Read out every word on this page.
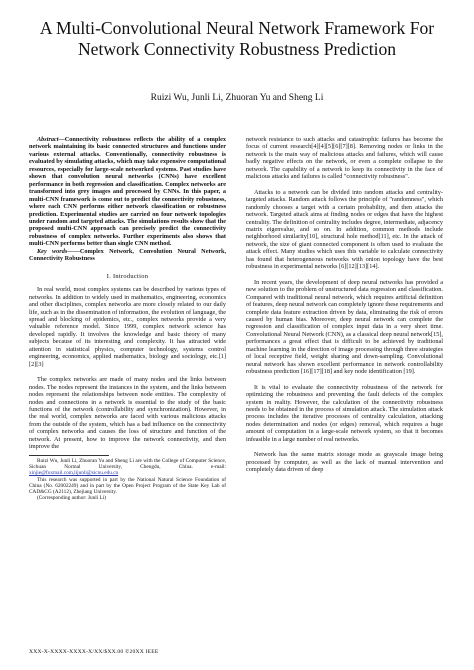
A Multi-Convolutional Neural Network Framework For Network Connectivity Robustness Prediction
Ruizi Wu, Junli Li, Zhuoran Yu and Sheng Li

Abstract—Connectivity robustness reflects the ability of a complex network maintaining its basic connected structures and functions under various external attacks. Conventionally, connectivity robustness is evaluated by simulating attacks, which may take expensive computational resources, especially for large-scale networked systems. Past studies have shown that convolution neural networks (CNNs) have excellent performance in both regression and classification. Complex networks are transformed into grey images and processed by CNNs. In this paper, a multi-CNN framework is come out to predict the connectivity robustness, where each CNN performs either network classification or robustness prediction. Experimental studies are carried on four network topologies under random and targeted attacks. The simulations results show that the proposed multi-CNN approach can precisely predict the connectivity robustness of complex networks. Further experiments also shows that multi-CNN performs better than single CNN method.

Key words——Complex Network, Convolution Neural Network, Connectivity Robustness

I. Introduction

In real world, most complex systems can be described by various types of networks. In addition to widely used in mathematics, engineering, economics and other disciplines, complex networks are more closely related to our daily life, such as in the dissemination of information, the evolution of language, the spread and blocking of epidemics, etc., complex networks provide a very valuable reference model. Since 1999, complex network science has developed rapidly. It involves the knowledge and basic theory of many subjects because of its interesting and complexity. It has attracted wide attention in statistical physics, computer technology, systems control engineering, economics, applied mathematics, biology and sociology, etc.[1][2][3]

The complex networks are made of many nodes and the links between nodes. The nodes represent the instances in the system, and the links between nodes represent the relationships between node entities. The complexity of nodes and connections in a network is essential to the study of the basic functions of the network (controllability and synchronization). However, in the real world, complex networks are faced with various malicious attacks from the outside of the system, which has a bad influence on the connectivity of complex networks and causes the loss of structure and function of the network. At present, how to improve the network connectivity, and then improve the

Ruizi Wu, Junli Li, Zhuoran Yu and Sheng Li are with the College of Computer Science, Sichuan Normal University, Chengdu, China.	e-mail: xinjie@foxmail.com,lijunli@sicnu.edu.cn

This research was supported in part by the National Natural Science Foundation of China (No. 62002249) and in part by the Open Project Program of the State Key Lab of CAD&CG (A2112), Zhejiang University.

(Corresponding author: Junli Li)

network resistance to such attacks and catastrophic failures has become the focus of current research[4][4][5][6][7][8]. Removing nodes or links in the network is the main way of malicious attacks and failures, which will cause badly negative effects on the network, or even a complete collapse to the network. The capability of a network to keep its connectivity in the face of malicious attacks and failures is called "connectivity robustness".

Attacks to a network can be divided into random attacks and centrality-targeted attacks. Random attack follows the principle of "randomness", which randomly chooses a target with a certain probability, and then attacks the network. Targeted attack aims at finding nodes or edges that have the highest centrality. The definition of centrality includes degree, intermediate, adjacency matrix eigenvalue, and so on. In addition, common methods include neighborhood similarity[10], structural hole method[11], etc. In the attack of network, the size of giant connected component is often used to evaluate the attack effect. Many studies which uses this variable to calculate connectivity has found that heterogeneous networks with onion topology have the best robustness in experimental networks [6][12][13][14].

In recent years, the development of deep neural networks has provided a new solution to the problem of unstructured data regression and classification. Compared with traditional neural network, which requires artificial definition of features, deep neural network can completely ignore these requirements and complete data feature extraction driven by data, eliminating the risk of errors caused by human bias. Moreover, deep neural network can complete the regression and classification of complex input data in a very short time. Convolutional Neural Network (CNN), as a classical deep neural network[15], performances a great effect that is difficult to be achieved by traditional machine learning in the direction of image processing through three strategies of local receptive field, weight sharing and down-sampling. Convolutional neural network has shown excellent performance in network controllability robustness prediction [16][17][18] and key node identification [19].

It is vital to evaluate the connectivity robustness of the network for optimizing the robustness and preventing the fault defects of the complex system in reality. However, the calculation of the connectivity robustness needs to be obtained in the process of simulation attack. The simulation attack process includes the iterative processes of centrality calculation, attacking nodes determination and nodes (or edges) removal, which requires a huge amount of computation in a large-scale network system, so that it becomes infeasible in a large number of real networks.

Network has the same matrix storage mode as grayscale image being processed by computer, as well as the lack of manual intervention and completely data driven of deep

XXX-X-XXXX-XXXX-X/XX/$XX.00 ©20XX IEEE
